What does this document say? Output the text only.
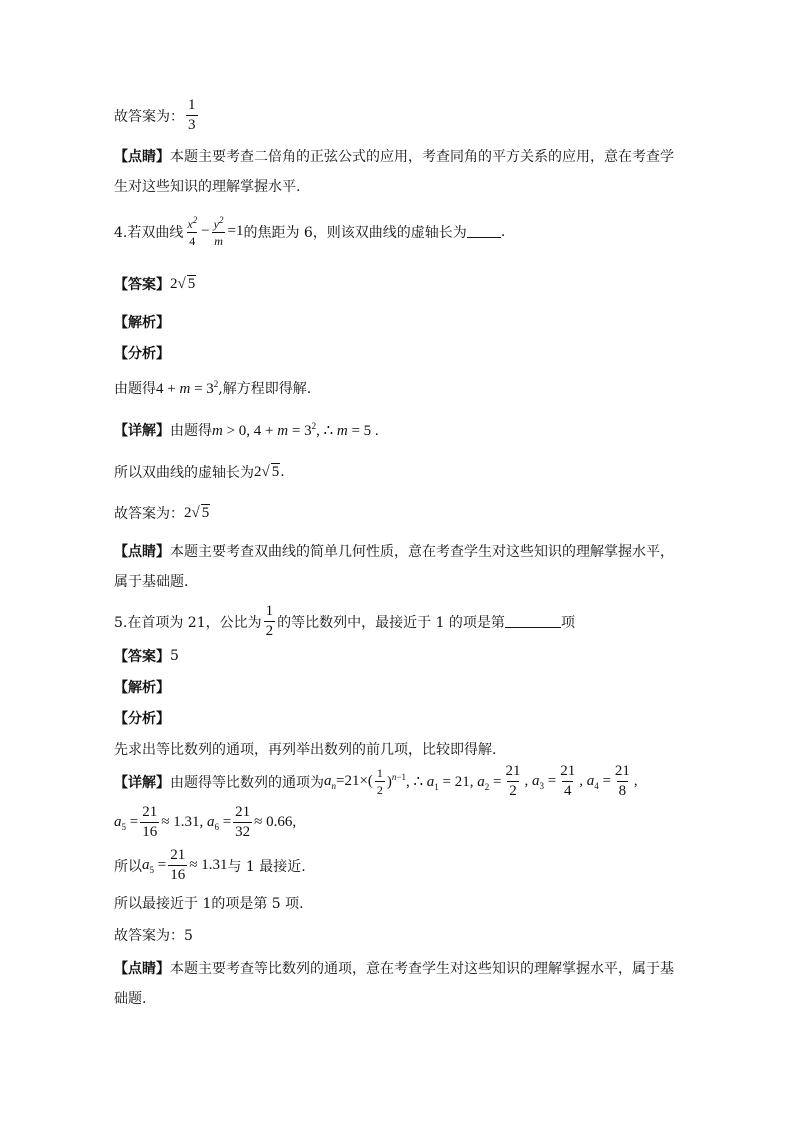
故答案为： $\frac{1}{3}$
【点睛】 本题主要考查二倍角的正弦公式的应用，考查同角的平方关系的应用，意在考查学
生对这些知识的理解掌握水平.
4.若双曲线 $\frac{x^2}{4} - \frac{y^2}{m} =1$ 的焦距为 6，则该双曲线的虚轴长为 .
【答案】 2 √ 5
【解析】
【分析】
由题得 $4 + m = 3^2$ ,解方程即得解.
【详解】 由题得 m > 0, $4 + m = 3^2$, ∴ m = 5 .
所以双曲线的虚轴长为 2 √ 5 .
故答案为： 2 √ 5
【点睛】 本题主要考查双曲线的简单几何性质，意在考查学生对这些知识的理解掌握水平，
属于基础题.
5.在首项为 21，公比为 $\frac{1}{2}$ 的等比数列中，最接近于 1 的项是第	项
【答案】 5
【解析】
【分析】
先求出等比数列的通项，再列举出数列的前几项，比较即得解.
【详解】 由题得等比数列的通项为 $a_n=21\times( \frac{1}{2} )^{n-1}$, ∴ $a_1 = 21$, $a_2 = \frac{21}{2}$ , $a_3 = \frac{21}{4}$ , $a_4 = \frac{21}{8}$ ,
$a_5 = \frac{21}{16} \approx 1.31$, $a_6 = \frac{21}{32} \approx 0.66$,
所以 $a_5 = \frac{21}{16} \approx 1.31$ 与 1 最接近.
所以最接近于 1的项是第 5 项.
故答案为：5
【点睛】 本题主要考查等比数列的通项，意在考查学生对这些知识的理解掌握水平，属于基
础题.
